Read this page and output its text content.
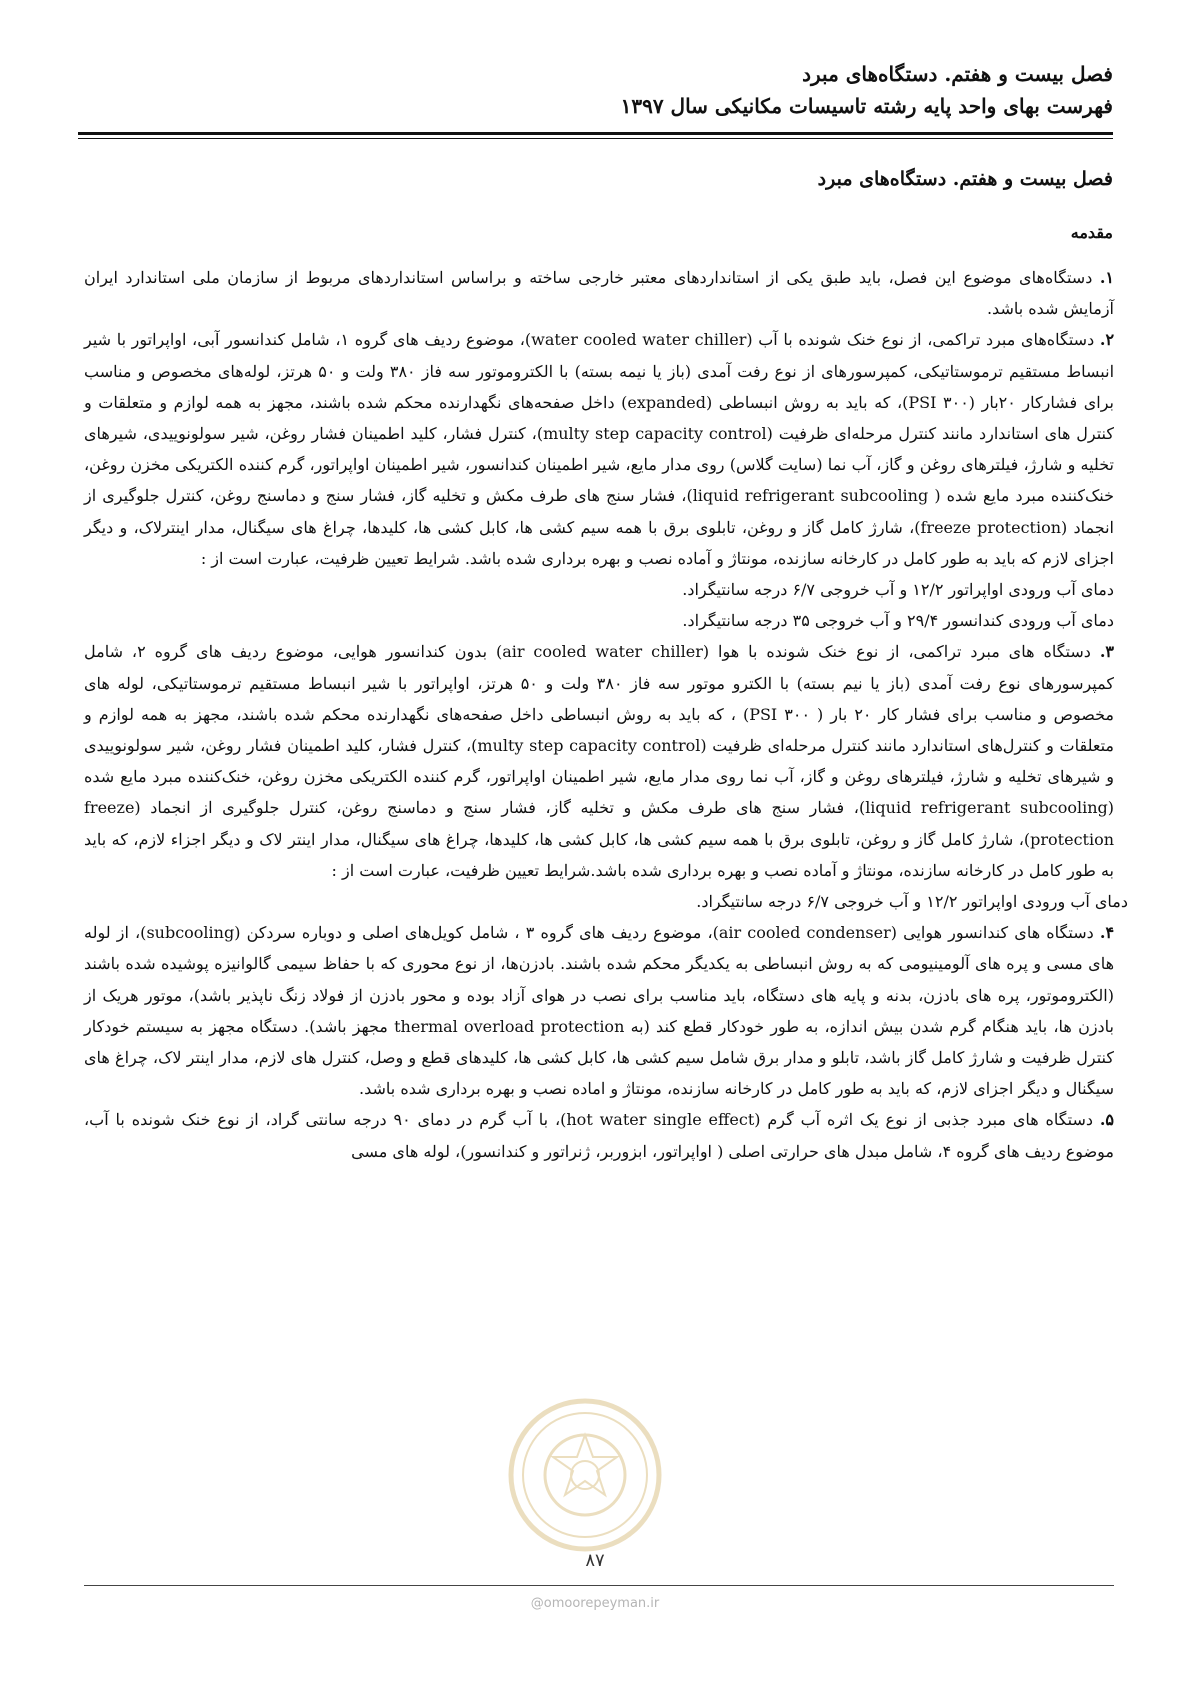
فصل بیست و هفتم. دستگاه‌های مبرد
فهرست بهای واحد پایه رشته تاسیسات مکانیکی سال ۱۳۹۷
فصل بیست و هفتم. دستگاه‌های مبرد
مقدمه

۱. دستگاه‌های موضوع این فصل، باید طبق یکی از استانداردهای معتبر خارجی ساخته و براساس استانداردهای مربوط از سازمان ملی استاندارد ایران آزمایش شده باشد.

۲. دستگاه‌های مبرد تراکمی، از نوع خنک شونده با آب (water cooled water chiller)، موضوع ردیف های گروه ۱، شامل کندانسور آبی، اواپراتور با شیر انبساط مستقیم ترموستاتیکی، کمپرسورهای از نوع رفت آمدی (باز یا نیمه بسته) با الکتروموتور سه فاز ۳۸۰ ولت و ۵۰ هرتز، لوله‌های مخصوص و مناسب برای فشارکار ۲۰بار (۳۰۰ PSI)، که باید به روش انبساطی (expanded) داخل صفحه‌های نگهدارنده محکم شده باشند، مجهز به همه لوازم و متعلقات و کنترل های استاندارد مانند کنترل مرحله‌ای ظرفیت (multy step capacity control)، کنترل فشار، کلید اطمینان فشار روغن، شیر سولونوییدی، شیرهای تخلیه و شارژ، فیلترهای روغن و گاز، آب نما (سایت گلاس) روی مدار مایع، شیر اطمینان کندانسور، شیر اطمینان اواپراتور، گرم کننده الکتریکی مخزن روغن، خنک‌کننده مبرد مایع شده ( liquid refrigerant subcooling)، فشار سنج های طرف مکش و تخلیه گاز، فشار سنج و دماسنج روغن، کنترل جلوگیری از انجماد (freeze protection)، شارژ کامل گاز و روغن، تابلوی برق با همه سیم کشی ها، کابل کشی ها، کلیدها، چراغ های سیگنال، مدار اینترلاک، و دیگر اجزای لازم که باید به طور کامل در کارخانه سازنده، مونتاژ و آماده نصب و بهره برداری شده باشد. شرایط تعیین ظرفیت، عبارت است از :

دمای آب ورودی اواپراتور ۱۲/۲ و آب خروجی ۶/۷ درجه سانتیگراد.

دمای آب ورودی کندانسور ۲۹/۴ و آب خروجی ۳۵ درجه سانتیگراد.

۳. دستگاه های مبرد تراکمی، از نوع خنک شونده با هوا (air cooled water chiller) بدون کندانسور هوایی، موضوع ردیف های گروه ۲، شامل کمپرسورهای نوع رفت آمدی (باز یا نیم بسته) با الکترو موتور سه فاز ۳۸۰ ولت و ۵۰ هرتز، اواپراتور با شیر انبساط مستقیم ترموستاتیکی، لوله های مخصوص و مناسب برای فشار کار ۲۰ بار ( ۳۰۰ PSI) ، که باید به روش انبساطی داخل صفحه‌های نگهدارنده محکم شده باشند، مجهز به همه لوازم و متعلقات و کنترل‌های استاندارد مانند کنترل مرحله‌ای ظرفیت (multy step capacity control)، کنترل فشار، کلید اطمینان فشار روغن، شیر سولونوییدی و شیرهای تخلیه و شارژ، فیلترهای روغن و گاز، آب نما روی مدار مایع، شیر اطمینان اواپراتور، گرم کننده الکتریکی مخزن روغن، خنک‌کننده مبرد مایع شده (liquid refrigerant subcooling)، فشار سنج های طرف مکش و تخلیه گاز، فشار سنج و دماسنج روغن، کنترل جلوگیری از انجماد (freeze protection)، شارژ کامل گاز و روغن، تابلوی برق با همه سیم کشی ها، کابل کشی ها، کلیدها، چراغ های سیگنال، مدار اینتر لاک و دیگر اجزاء لازم، که باید به طور کامل در کارخانه سازنده، مونتاژ و آماده نصب و بهره برداری شده باشد.شرایط تعیین ظرفیت، عبارت است از :

دمای آب ورودی اواپراتور ۱۲/۲ و آب خروجی ۶/۷ درجه سانتیگراد.

۴. دستگاه های کندانسور هوایی (air cooled condenser)، موضوع ردیف های گروه ۳ ، شامل کویل‌های اصلی و دوباره سردکن (subcooling)، از لوله های مسی و پره های آلومینیومی که به روش انبساطی به یکدیگر محکم شده باشند. بادزن‌ها، از نوع محوری که با حفاظ سیمی گالوانیزه پوشیده شده باشند (الکتروموتور، پره های بادزن، بدنه و پایه های دستگاه، باید مناسب برای نصب در هوای آزاد بوده و محور بادزن از فولاد زنگ ناپذیر باشد)، موتور هریک از بادزن ها، باید هنگام گرم شدن بیش اندازه، به طور خودکار قطع کند (به thermal overload protection مجهز باشد). دستگاه مجهز به سیستم خودکار کنترل ظرفیت و شارژ کامل گاز باشد، تابلو و مدار برق شامل سیم کشی ها، کابل کشی ها، کلیدهای قطع و وصل، کنترل های لازم، مدار اینتر لاک، چراغ های سیگنال و دیگر اجزای لازم، که باید به طور کامل در کارخانه سازنده، مونتاژ و اماده نصب و بهره برداری شده باشد.

۵. دستگاه های مبرد جذبی از نوع یک اثره آب گرم (hot water single effect)، با آب گرم در دمای ۹۰ درجه سانتی گراد، از نوع خنک شونده با آب، موضوع ردیف های گروه ۴، شامل مبدل های حرارتی اصلی ( اواپراتور، ابزوربر، ژنراتور و کندانسور)، لوله های مسی

۸۷
@omoorepeyman.ir
